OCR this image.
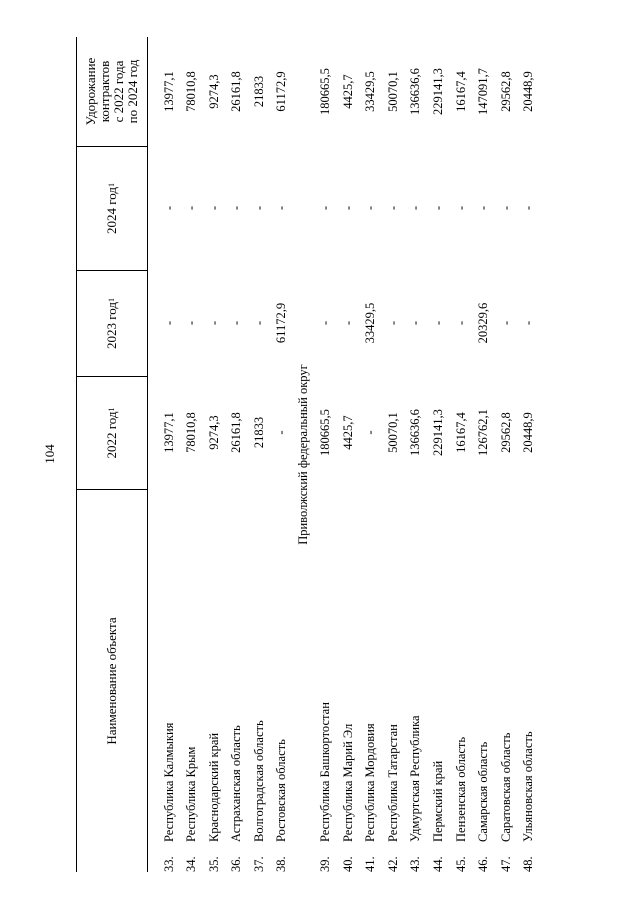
104
Наименование объекта
2022 год
1
2023 год
1
2024 год
1
Удорожание контрактов с 2022 года по 2024 год
33.
Республика Калмыкия
13977,1
-
-
13977,1
34.
Республика Крым
78010,8
-
-
78010,8
35.
Краснодарский край
9274,3
-
-
9274,3
36.
Астраханская область
26161,8
-
-
26161,8
37.
Волгоградская область
21833
-
-
21833
38.
Ростовская область
-
61172,9
-
61172,9
Приволжский федеральный округ
39.
Республика Башкортостан
180665,5
-
-
180665,5
40.
Республика Марий Эл
4425,7
-
-
4425,7
41.
Республика Мордовия
-
33429,5
-
33429,5
42.
Республика Татарстан
50070,1
-
-
50070,1
43.
Удмуртская Республика
136636,6
-
-
136636,6
44.
Пермский край
229141,3
-
-
229141,3
45.
Пензенская область
16167,4
-
-
16167,4
46.
Самарская область
126762,1
20329,6
-
147091,7
47.
Саратовская область
29562,8
-
-
29562,8
48.
Ульяновская область
20448,9
-
-
20448,9
